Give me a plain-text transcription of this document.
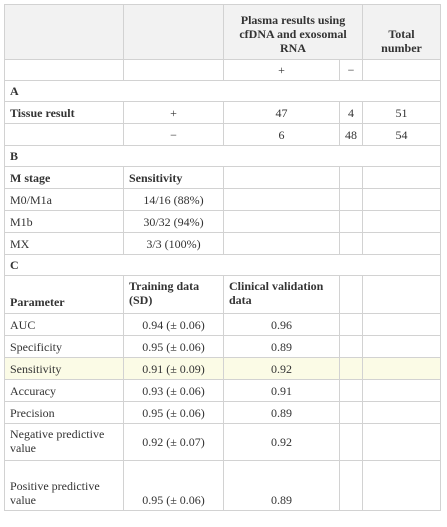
		Plasma results using cfDNA and exosomal RNA		Total number
		+	−	
A				
Tissue result	+	47	4	51
	−	6	48	54
B				
M stage	Sensitivity			
M0/M1a	14/16 (88%)			
M1b	30/32 (94%)			
MX	3/3 (100%)			
C				
Parameter	Training data (SD)	Clinical validation data		
AUC	0.94 (± 0.06)	0.96		
Specificity	0.95 (± 0.06)	0.89		
Sensitivity	0.91 (± 0.09)	0.92		
Accuracy	0.93 (± 0.06)	0.91		
Precision	0.95 (± 0.06)	0.89		
Negative predictive value	0.92 (± 0.07)	0.92		
Positive predictive value	0.95 (± 0.06)	0.89		
